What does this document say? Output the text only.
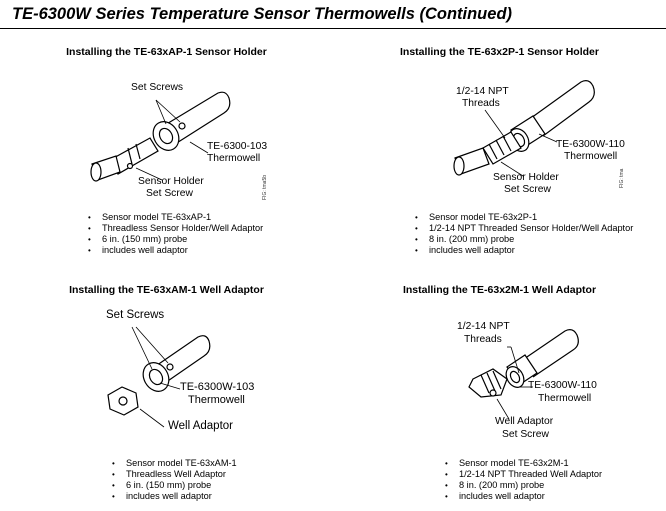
TE-6300W Series Temperature Sensor Thermowells (Continued)
Installing the TE-63xAP-1 Sensor Holder
Set Screws
TE-6300-103
Thermowell
Sensor Holder
Set Screw	FIG: tma5b
• Sensor model TE-63xAP-1
• Threadless Sensor Holder/Well Adaptor
• 6 in. (150 mm) probe
• includes well adaptor
Installing the TE-63x2P-1 Sensor Holder
1/2-14 NPT
Threads
TE-6300W-110
Thermowell
Sensor Holder
Set Screw
FIG: tma
• Sensor model TE-63x2P-1
• 1/2-14 NPT Threaded Sensor Holder/Well Adaptor
• 8 in. (200 mm) probe
• includes well adaptor
Installing the TE-63xAM-1 Well Adaptor
Set Screws
TE-6300W-103
Thermowell
Well Adaptor
• Sensor model TE-63xAM-1
• Threadless Well Adaptor
• 6 in. (150 mm) probe
• includes well adaptor
Installing the TE-63x2M-1 Well Adaptor
1/2-14 NPT
Threads
TE-6300W-110
Thermowell
Well Adaptor
Set Screw
• Sensor model TE-63x2M-1
• 1/2-14 NPT Threaded Well Adaptor
• 8 in. (200 mm) probe
• includes well adaptor
